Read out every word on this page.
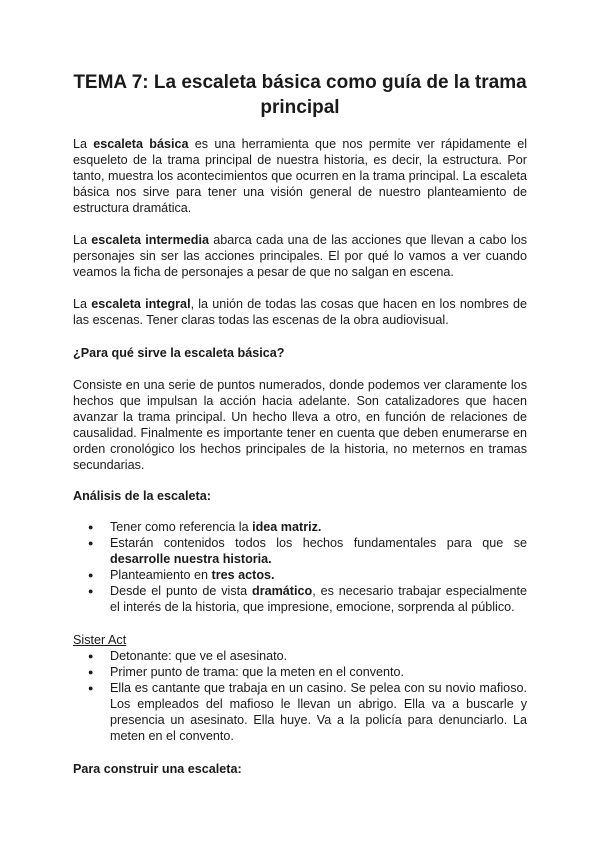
TEMA 7: La escaleta básica como guía de la trama principal

La escaleta básica es una herramienta que nos permite ver rápidamente el esqueleto de la trama principal de nuestra historia, es decir, la estructura. Por tanto, muestra los acontecimientos que ocurren en la trama principal. La escaleta básica nos sirve para tener una visión general de nuestro planteamiento de estructura dramática.

La escaleta intermedia abarca cada una de las acciones que llevan a cabo los personajes sin ser las acciones principales. El por qué lo vamos a ver cuando veamos la ficha de personajes a pesar de que no salgan en escena.

La escaleta integral, la unión de todas las cosas que hacen en los nombres de las escenas. Tener claras todas las escenas de la obra audiovisual.

¿Para qué sirve la escaleta básica?

Consiste en una serie de puntos numerados, donde podemos ver claramente los hechos que impulsan la acción hacia adelante. Son catalizadores que hacen avanzar la trama principal. Un hecho lleva a otro, en función de relaciones de causalidad. Finalmente es importante tener en cuenta que deben enumerarse en orden cronológico los hechos principales de la historia, no meternos en tramas secundarias.

Análisis de la escaleta:
● Tener como referencia la idea matriz.
● Estarán contenidos todos los hechos fundamentales para que se desarrolle nuestra historia.
● Planteamiento en tres actos.
● Desde el punto de vista dramático, es necesario trabajar especialmente el interés de la historia, que impresione, emocione, sorprenda al público.
Sister Act
● Detonante: que ve el asesinato.
● Primer punto de trama: que la meten en el convento.
● Ella es cantante que trabaja en un casino. Se pelea con su novio mafioso. Los empleados del mafioso le llevan un abrigo. Ella va a buscarle y presencia un asesinato. Ella huye. Va a la policía para denunciarlo. La meten en el convento.
Para construir una escaleta:
